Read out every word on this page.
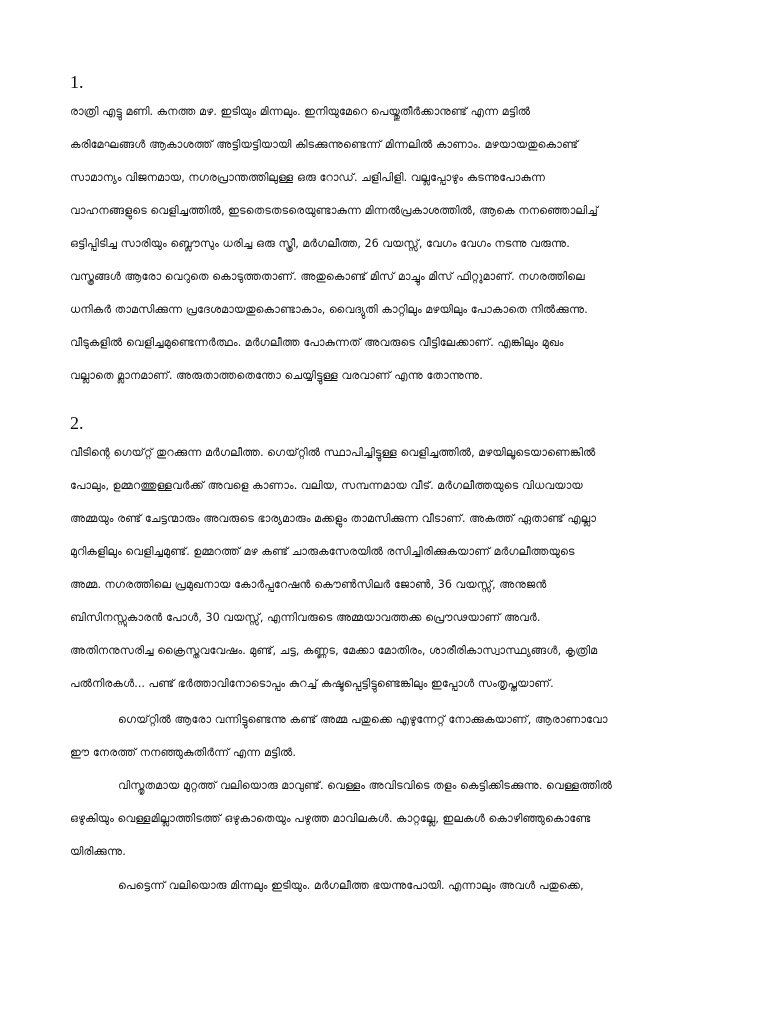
1.
രാത്രി എട്ടു മണി. കനത്ത മഴ. ഇടിയും മിന്നലും. ഇനിയുമേറെ പെയ്തുതീർക്കാനുണ്ട് എന്ന മട്ടിൽ
കരിമേഘങ്ങൾ ആകാശത്ത് അട്ടിയട്ടിയായി കിടക്കുന്നുണ്ടെന്ന് മിന്നലിൽ കാണാം. മഴയായതുകൊണ്ട്
സാമാന്യം വിജനമായ, നഗരപ്രാന്തത്തിലുള്ള ഒരു റോഡ്. ചളിപിളി. വല്ലപ്പോഴും കടന്നുപോകുന്ന
വാഹനങ്ങളുടെ വെളിച്ചത്തിൽ, ഇടതെടതടരെയുണ്ടാകുന്ന മിന്നൽപ്രകാശത്തിൽ, ആകെ നനഞ്ഞൊലിച്ച്
ഒട്ടിപ്പിടിച്ച സാരിയും ബ്ലൌസും ധരിച്ച ഒരു സ്ത്രീ, മർഗലീത്ത, 26 വയസ്സ്, വേഗം വേഗം നടന്നു വരുന്നു.
വസ്ത്രങ്ങൾ ആരോ വെറുതെ കൊടുത്തതാണ്. അതുകൊണ്ട് മിസ് മാച്ചും മിസ് ഫിറ്റുമാണ്. നഗരത്തിലെ
ധനികർ താമസിക്കുന്ന പ്രദേശമായതുകൊണ്ടാകാം, വൈദ്യുതി കാറ്റിലും മഴയിലും പോകാതെ നിൽക്കുന്നു.
വീടുകളിൽ വെളിച്ചമുണ്ടെന്നർത്ഥം. മർഗലീത്ത പോകുന്നത് അവരുടെ വീട്ടിലേക്കാണ്. എങ്കിലും മുഖം
വല്ലാതെ മ്ലാനമാണ്. അരുതാത്തതെന്തോ ചെയ്യിട്ടുള്ള വരവാണ് എന്നു തോന്നുന്നു.
2.
വീടിന്റെ ഗെയ്റ്റ് തുറക്കുന്ന മർഗലീത്ത. ഗെയ്റ്റിൽ സ്ഥാപിച്ചിട്ടുള്ള വെളിച്ചത്തിൽ, മഴയിലൂടെയാണെങ്കിൽ
പോലും, ഉമ്മറത്തുള്ളവർക്ക് അവളെ കാണാം. വലിയ, സമ്പന്നമായ വീട്. മർഗലീത്തയുടെ വിധവയായ
അമ്മയും രണ്ട് ചേട്ടന്മാരും അവരുടെ ഭാര്യമാരും മക്കളും താമസിക്കുന്ന വീടാണ്. അകത്ത് ഏതാണ്ട് എല്ലാ
മുറികളിലും വെളിച്ചമുണ്ട്. ഉമ്മറത്ത് മഴ കണ്ട് ചാരുകസേരയിൽ രസിച്ചിരിക്കുകയാണ് മർഗലീത്തയുടെ
അമ്മ. നഗരത്തിലെ പ്രമുഖനായ കോർപ്പറേഷൻ കൌൺസിലർ ജോൺ, 36 വയസ്സ്, അനുജൻ
ബിസിനസ്സുകാരൻ പോൾ, 30 വയസ്സ്, എന്നിവരുടെ അമ്മയാവത്തക്ക പ്രൌഢയാണ് അവർ.
അതിനനുസരിച്ച ക്രൈസ്തവവേഷം. മുണ്ട്, ചട്ട, കണ്ണട, മേക്കാ മോതിരം, ശാരീരികാസ്വാസ്ഥ്യങ്ങൾ, കൃത്രിമ
പൽനിരകൾ... പണ്ട് ഭർത്താവിനോടൊപ്പം കുറച്ച് കഷ്ടപ്പെട്ടിട്ടുണ്ടെങ്കിലും ഇപ്പോൾ സംതൃപ്തയാണ്.
ഗെയ്റ്റിൽ ആരോ വന്നിട്ടുണ്ടെന്നു കണ്ട് അമ്മ പതുക്കെ എഴുന്നേറ്റ് നോക്കുകയാണ്, ആരാണാവോ
ഈ നേരത്ത് നനഞ്ഞുകുതിർന്ന് എന്ന മട്ടിൽ.
വിസ്തൃതമായ മുറ്റത്ത് വലിയൊരു മാവുണ്ട്. വെള്ളം അവിടവിടെ തളം കെട്ടിക്കിടക്കുന്നു. വെള്ളത്തിൽ
ഒഴുകിയും വെള്ളമില്ലാത്തിടത്ത് ഒഴുകാതെയും പഴുത്ത മാവിലകൾ. കാറ്റല്ലേ, ഇലകൾ കൊഴിഞ്ഞുകൊണ്ടേ
യിരിക്കുന്നു.
പെട്ടെന്ന് വലിയൊരു മിന്നലും ഇടിയും. മർഗലീത്ത ഭയന്നുപോയി. എന്നാലും അവൾ പതുക്കെ,
